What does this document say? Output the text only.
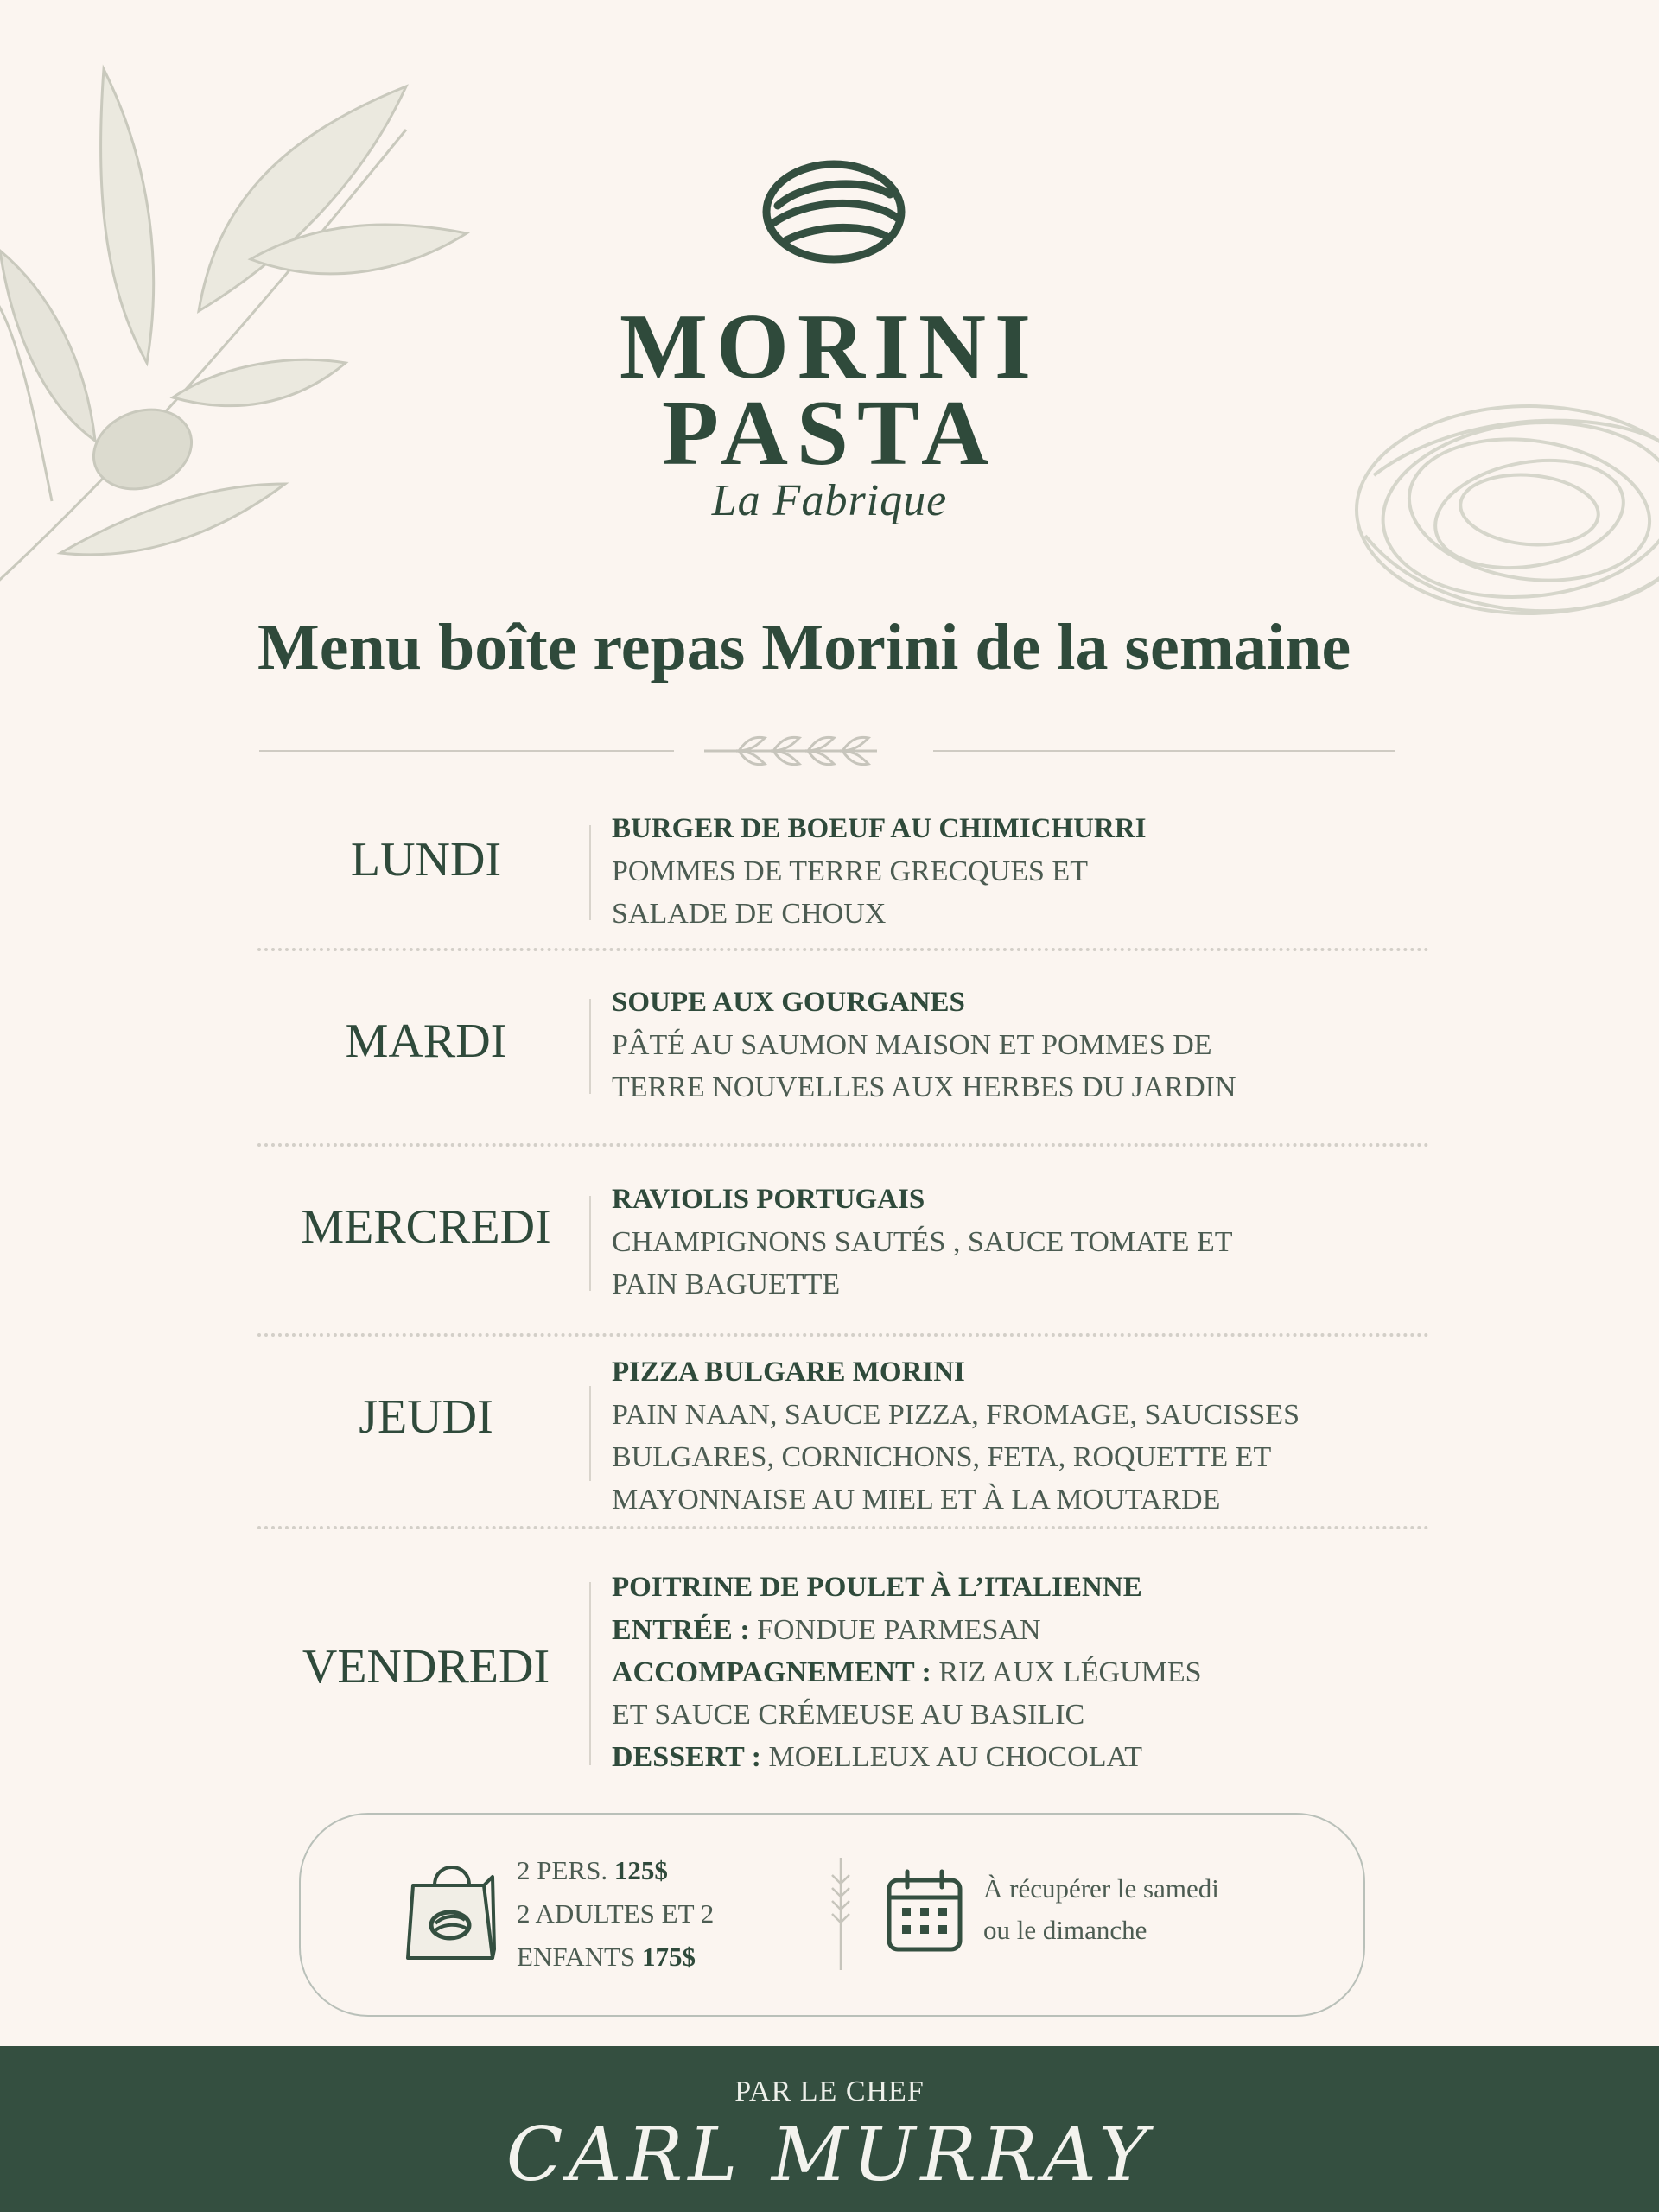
MORINI
PASTA
La Fabrique
Menu boîte repas Morini de la semaine
LUNDI
BURGER DE BOEUF AU CHIMICHURRI
POMMES DE TERRE GRECQUES ET
SALADE DE CHOUX
MARDI
SOUPE AUX GOURGANES
PÂTÉ AU SAUMON MAISON ET POMMES DE
TERRE NOUVELLES AUX HERBES DU JARDIN
MERCREDI
RAVIOLIS PORTUGAIS
CHAMPIGNONS SAUTÉS , SAUCE TOMATE ET
PAIN BAGUETTE
JEUDI
PIZZA BULGARE MORINI
PAIN NAAN, SAUCE PIZZA, FROMAGE, SAUCISSES
BULGARES, CORNICHONS, FETA, ROQUETTE ET
MAYONNAISE AU MIEL ET À LA MOUTARDE
VENDREDI
POITRINE DE POULET À L’ITALIENNE
ENTRÉE : FONDUE PARMESAN
ACCOMPAGNEMENT : RIZ AUX LÉGUMES
ET SAUCE CRÉMEUSE AU BASILIC
DESSERT : MOELLEUX AU CHOCOLAT
2 PERS. 125$
2 ADULTES ET 2
ENFANTS 175$
À récupérer le samedi
ou le dimanche
PAR LE CHEF
CARL MURRAY
